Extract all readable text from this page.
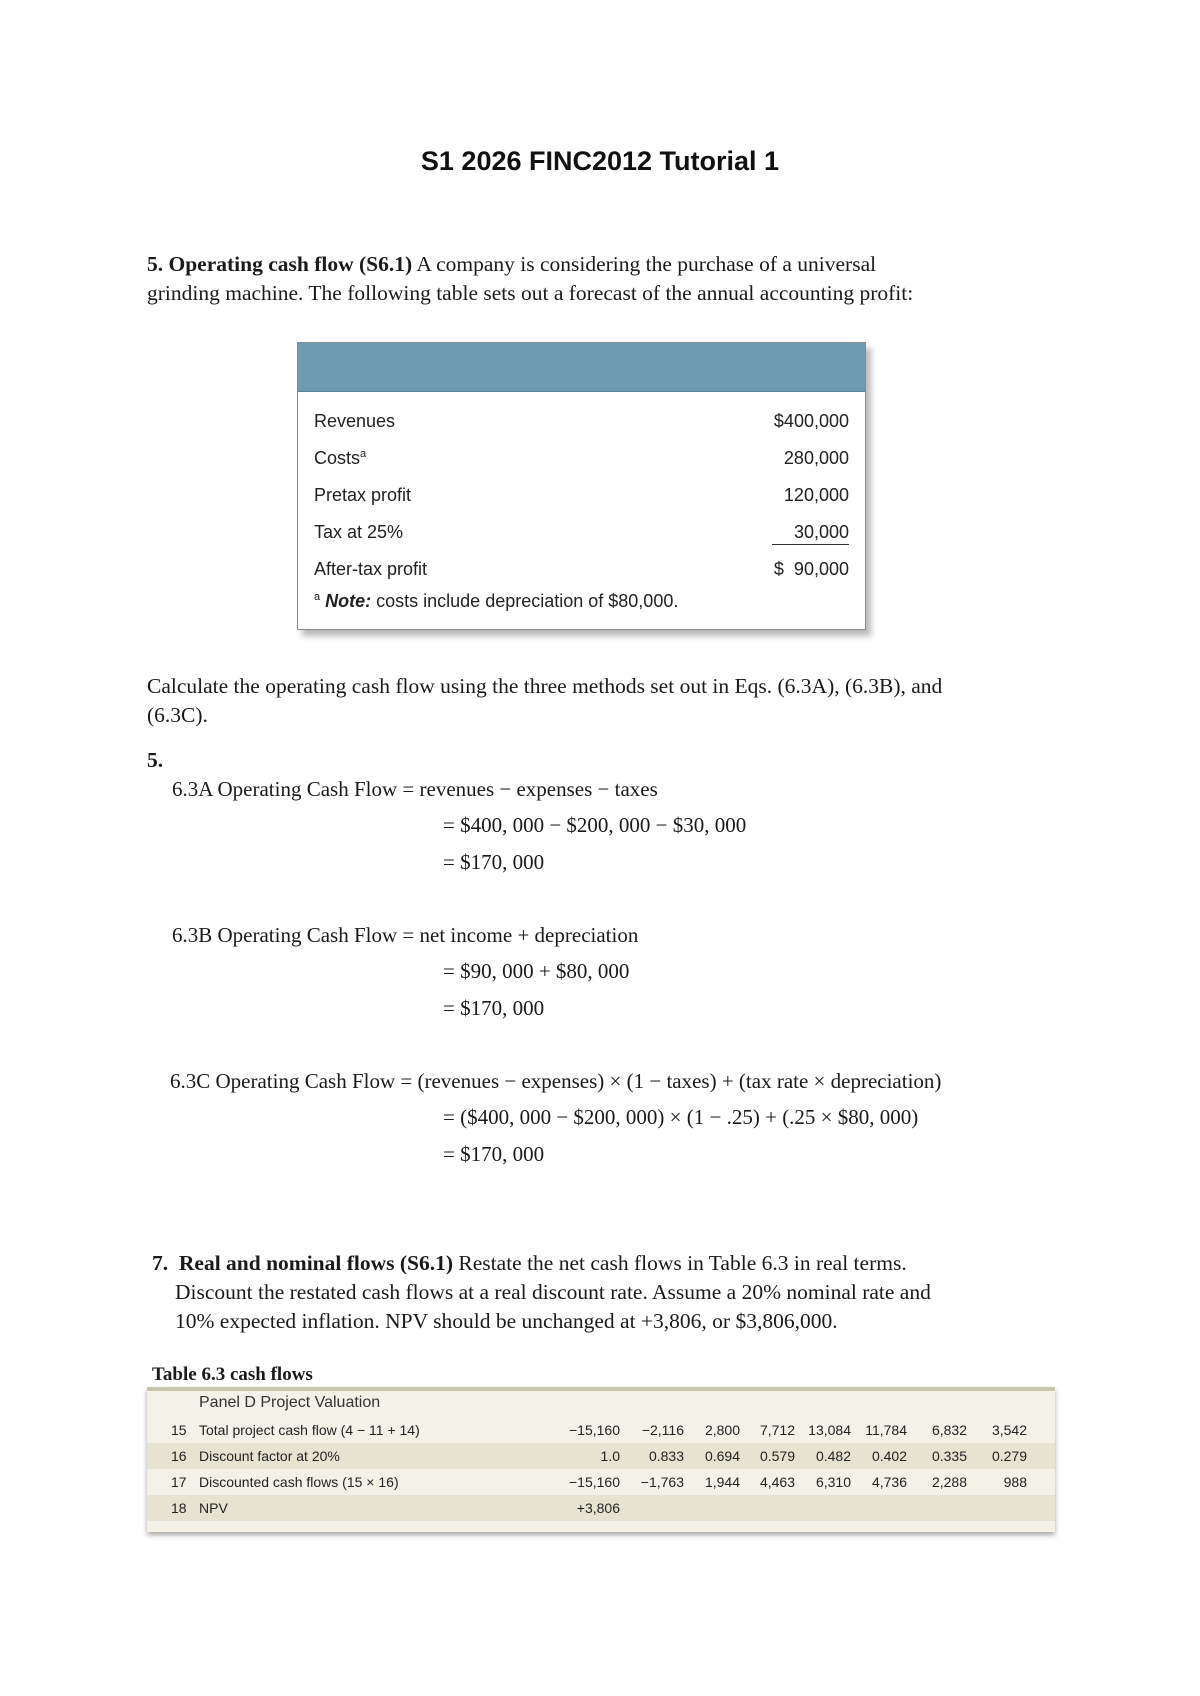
S1 2026 FINC2012 Tutorial 1
5. Operating cash flow (S6.1) A company is considering the purchase of a universal
grinding machine. The following table sets out a forecast of the annual accounting profit:
Revenues	$400,000
Costs$^a$	280,000
Pretax profit	120,000
Tax at 25%	30,000
After-tax profit	$  90,000
$^a$ Note: costs include depreciation of $80,000.
Calculate the operating cash flow using the three methods set out in Eqs. (6.3A), (6.3B), and
(6.3C).
5.
6.3A Operating Cash Flow = revenues − expenses − taxes
= $400, 000 − $200, 000 − $30, 000
= $170, 000
6.3B Operating Cash Flow = net income + depreciation
= $90, 000 + $80, 000
= $170, 000
6.3C Operating Cash Flow = (revenues − expenses) × (1 − taxes) + (tax rate × depreciation)
= ($400, 000 − $200, 000) × (1 − .25) + (.25 × $80, 000)
= $170, 000
7. Real and nominal flows (S6.1) Restate the net cash flows in Table 6.3 in real terms.
Discount the restated cash flows at a real discount rate. Assume a 20% nominal rate and
10% expected inflation. NPV should be unchanged at +3,806, or $3,806,000.
Table 6.3 cash flows
Panel D Project Valuation
15 Total project cash flow (4 − 11 + 14)	−15,160	−2,116	2,800	7,712 13,084	11,784	6,832	3,542
16 Discount factor at 20%	1.0	0.833	0.694	0.579	0.482	0.402	0.335	0.279
17 Discounted cash flows (15 × 16)	−15,160	−1,763	1,944	4,463	6,310	4,736	2,288	988
18 NPV	+3,806
